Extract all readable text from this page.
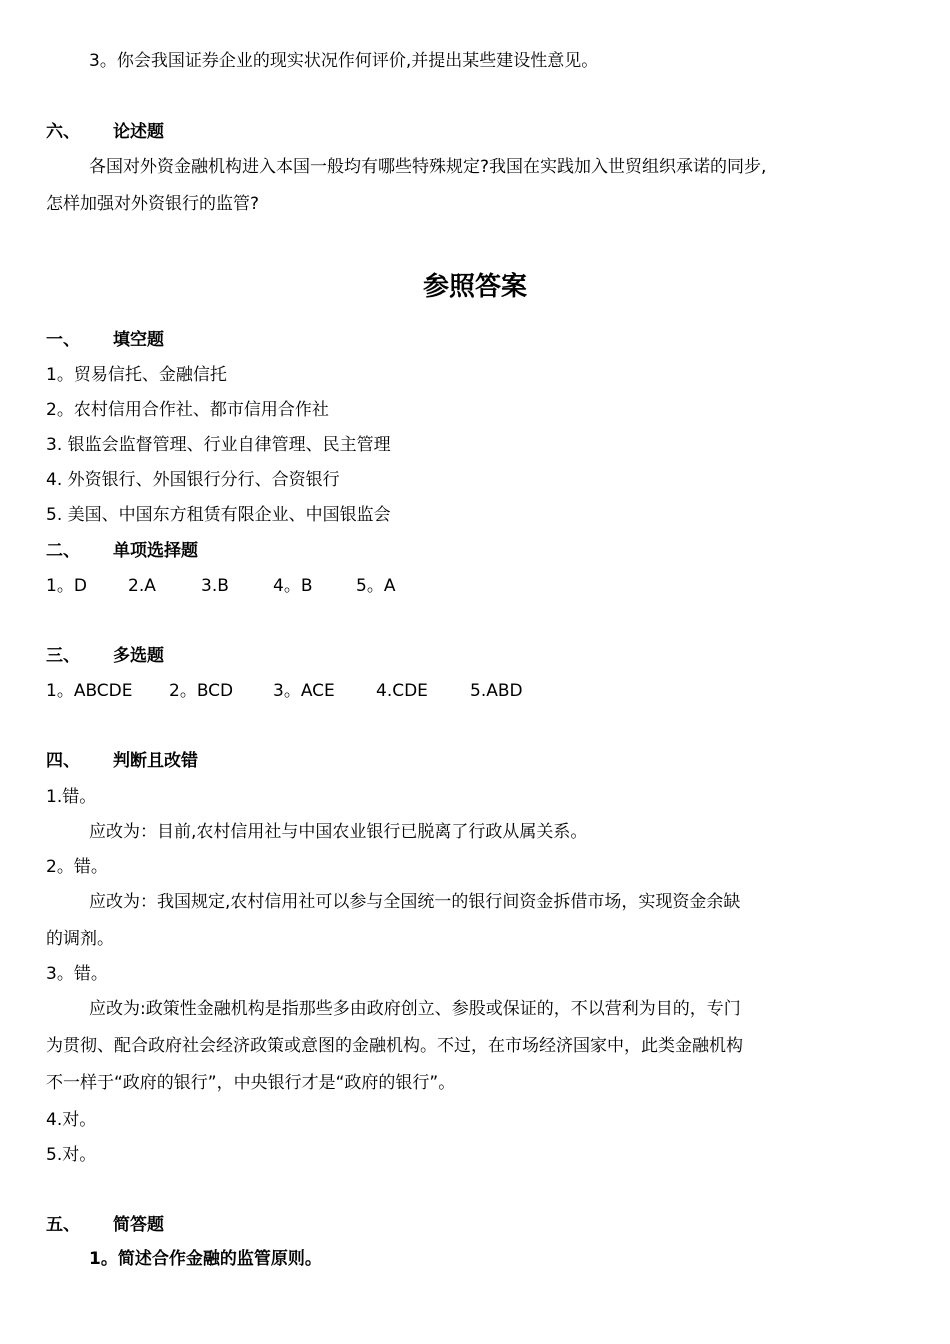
3。你会我国证券企业的现实状况作何评价,并提出某些建设性意见。
六、 论述题
各国对外资金融机构进入本国一般均有哪些特殊规定?我国在实践加入世贸组织承诺的同步,
怎样加强对外资银行的监管?
参照答案
一、 填空题
1。贸易信托、金融信托
2。农村信用合作社、都市信用合作社
3. 银监会监督管理、行业自律管理、民主管理
4. 外资银行、外国银行分行、合资银行
5. 美国、中国东方租赁有限企业、中国银监会
二、 单项选择题
1。D 2.A	3.B	4。B	5。A
三、 多选题
1。ABCDE 2。BCD 3。ACE 4.CDE 5.ABD
四、 判断且改错
1.错。
应改为：目前,农村信用社与中国农业银行已脱离了行政从属关系。
2。错。
应改为：我国规定,农村信用社可以参与全国统一的银行间资金拆借市场，实现资金余缺
的调剂。
3。错。
应改为:政策性金融机构是指那些多由政府创立、参股或保证的，不以营利为目的，专门
为贯彻、配合政府社会经济政策或意图的金融机构。不过，在市场经济国家中，此类金融机构
不一样于“政府的银行”，中央银行才是“政府的银行”。
4.对。
5.对。
五、 简答题
1。简述合作金融的监管原则。
